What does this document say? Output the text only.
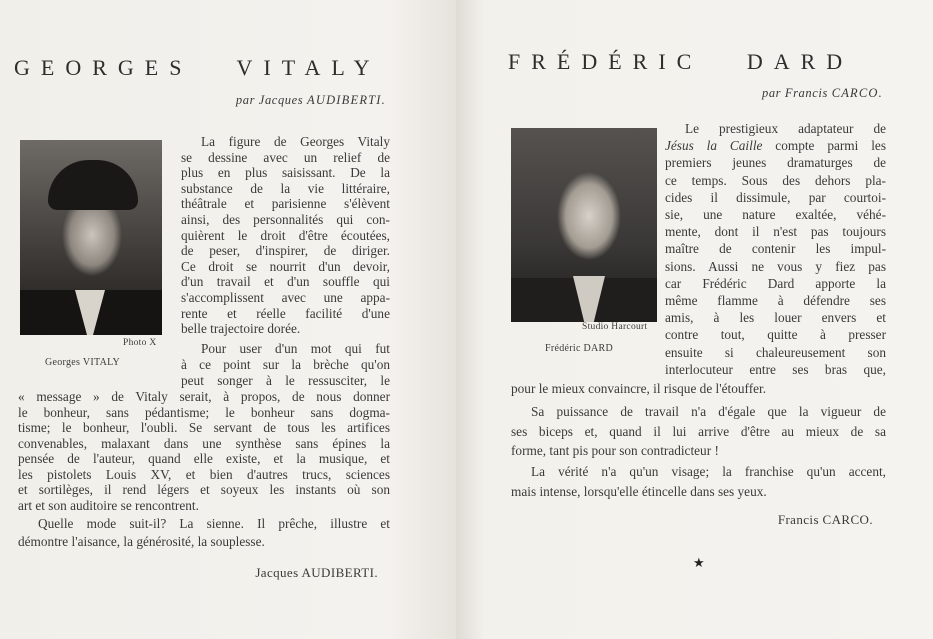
GEORGES VITALY
par Jacques AUDIBERTI.
Photo X
Georges VITALY
La figure de Georges Vitaly
se dessine avec un relief de
plus en plus saisissant. De la
substance de la vie littéraire,
théâtrale et parisienne s'élèvent
ainsi, des personnalités qui con-
quièrent le droit d'être écoutées,
de peser, d'inspirer, de diriger.
Ce droit se nourrit d'un devoir,
d'un travail et d'un souffle qui
s'accomplissent avec une appa-
rente et réelle facilité d'une
belle trajectoire dorée.
Pour user d'un mot qui fut
à ce point sur la brèche qu'on
peut songer à le ressusciter, le
« message » de Vitaly serait, à propos, de nous donner
le bonheur, sans pédantisme; le bonheur sans dogma-
tisme; le bonheur, l'oubli. Se servant de tous les artifices
convenables, malaxant dans une synthèse sans épines la
pensée de l'auteur, quand elle existe, et la musique, et
les pistolets Louis XV, et bien d'autres trucs, sciences
et sortilèges, il rend légers et soyeux les instants où son
art et son auditoire se rencontrent.
Quelle mode suit-il? La sienne. Il prêche, illustre et
démontre l'aisance, la générosité, la souplesse.
Jacques AUDIBERTI.
FRÉDÉRIC DARD
par Francis CARCO.
Studio Harcourt
Frédéric DARD
Le prestigieux adaptateur de
Jésus la Caille compte parmi les
premiers jeunes dramaturges de
ce temps. Sous des dehors pla-
cides il dissimule, par courtoi-
sie, une nature exaltée, véhé-
mente, dont il n'est pas toujours
maître de contenir les impul-
sions. Aussi ne vous y fiez pas
car Frédéric Dard apporte la
même flamme à défendre ses
amis, à les louer envers et
contre tout, quitte à presser
ensuite si chaleureusement son
interlocuteur entre ses bras que,
pour le mieux convaincre, il risque de l'étouffer.
Sa puissance de travail n'a d'égale que la vigueur de
ses biceps et, quand il lui arrive d'être au mieux de sa
forme, tant pis pour son contradicteur !
La vérité n'a qu'un visage; la franchise qu'un accent,
mais intense, lorsqu'elle étincelle dans ses yeux.
Francis CARCO.
★
